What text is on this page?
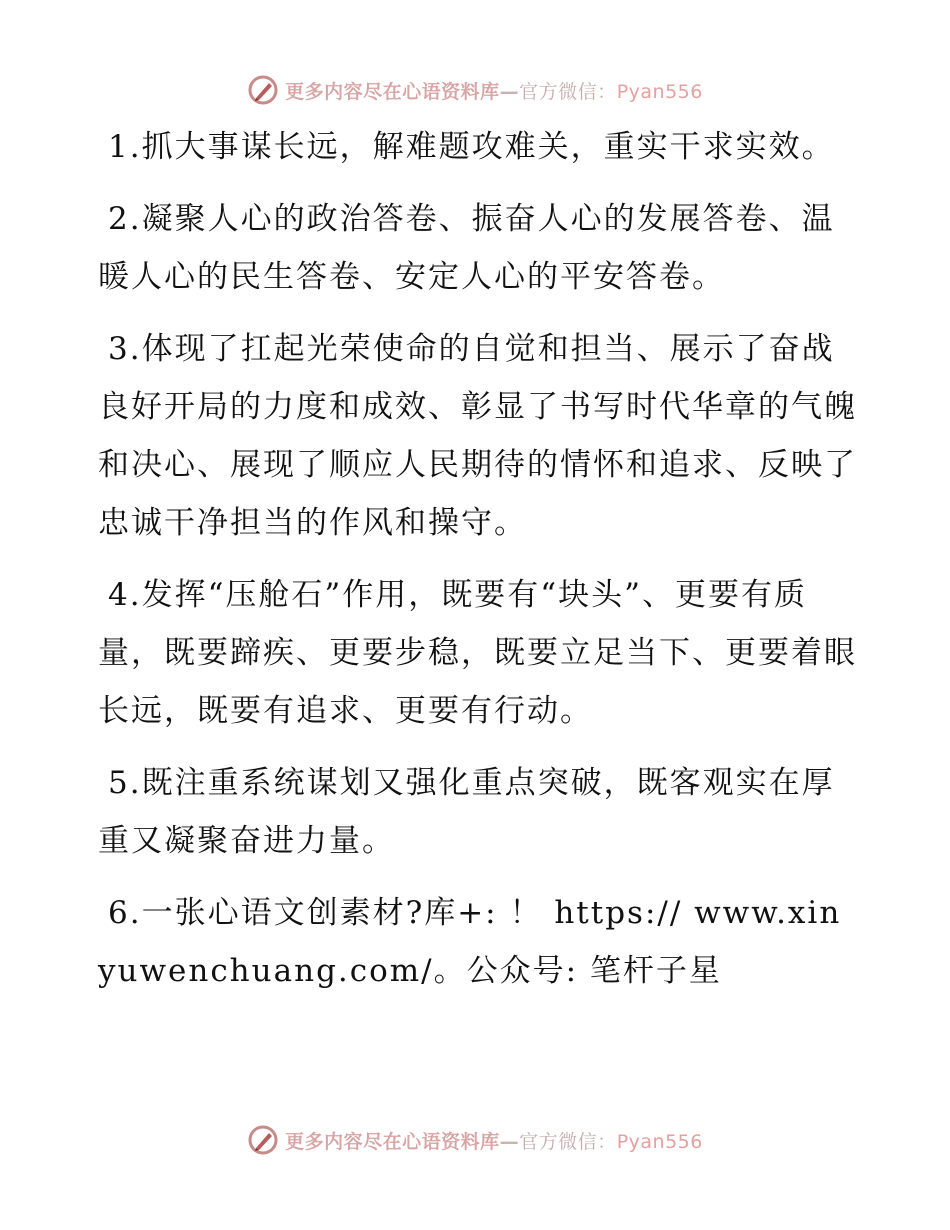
更多内容尽在心语资料库—官方微信：Pyan556

1.抓大事谋长远，解难题攻难关，重实干求实效。

2.凝聚人心的政治答卷、振奋人心的发展答卷、温暖人心的民生答卷、安定人心的平安答卷。

3.体现了扛起光荣使命的自觉和担当、展示了奋战良好开局的力度和成效、彰显了书写时代华章的气魄和决心、展现了顺应人民期待的情怀和追求、反映了忠诚干净担当的作风和操守。

4.发挥“压舱石”作用，既要有“块头”、更要有质量，既要蹄疾、更要步稳，既要立足当下、更要着眼长远，既要有追求、更要有行动。

5.既注重系统谋划又强化重点突破，既客观实在厚重又凝聚奋进力量。

6.一张心语文创素材?库+: ！ https:// www.xinyuwenchuang.com/。公众号: 笔杆子星

更多内容尽在心语资料库—官方微信：Pyan556
